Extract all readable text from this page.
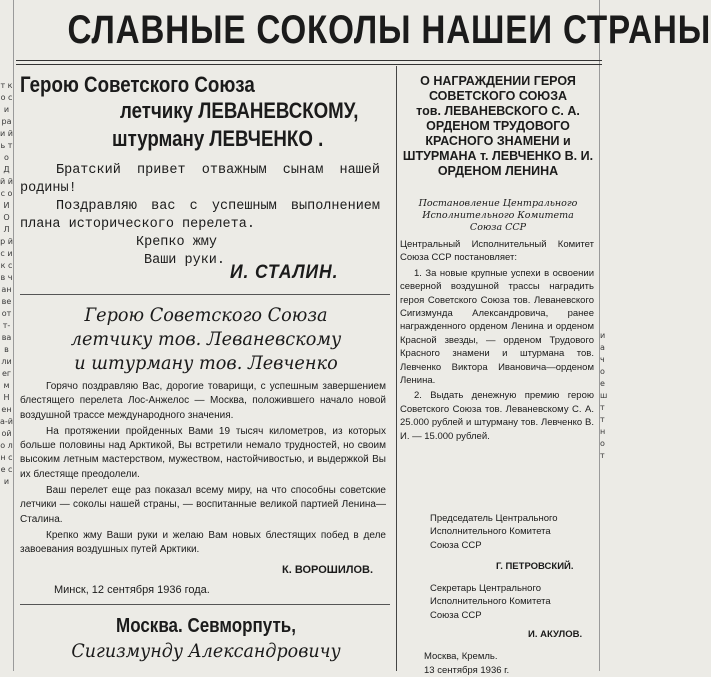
т к о с и ра и й ь т о Д й й с о И О Л р й с и к с в ч ан ве от т-ва в ли ег м Н ен а-й ой о л н с е с и
и а ч о е ш т т н о т
СЛАВНЫЕ СОКОЛЫ НАШЕИ СТРАНЫ
Герою Советского Союза
летчику ЛЕВАНЕВСКОМУ,
штурману ЛЕВЧЕНКО .

Братский привет отважным сынам нашей родины!

Поздравляю вас с успешным выполнением плана исторического перелета.

Крепко жму

Ваши руки.

И. СТАЛИН.
Герою Советского Союза
летчику тов. Леваневскому
и штурману тов. Левченко

Горячо поздравляю Вас, дорогие товарищи, с успешным завершением блестящего перелета Лос-Анжелос — Москва, положившего начало новой воздушной трассе международного значения.

На протяжении пройденных Вами 19 тысяч километров, из которых больше половины над Арктикой, Вы встретили немало трудностей, но своим высоким летным мастерством, мужеством, настойчивостью, и выдержкой Вы их блестяще преодолели.

Ваш перелет еще раз показал всему миру, на что способны советские летчики — соколы нашей страны, — воспитанные великой партией Ленина—Сталина.

Крепко жму Ваши руки и желаю Вам новых блестящих побед в деле завоевания воздушных путей Арктики.

К. ВОРОШИЛОВ.
Минск, 12 сентября 1936 года.
Москва. Севморпуть,
Сигизмунду Александровичу
О НАГРАЖДЕНИИ ГЕРОЯ
СОВЕТСКОГО СОЮЗА
тов. ЛЕВАНЕВСКОГО С. А.
ОРДЕНОМ ТРУДОВОГО
КРАСНОГО ЗНАМЕНИ и
ШТУРМАНА т. ЛЕВЧЕНКО В. И.
ОРДЕНОМ ЛЕНИНА
Постановление Центрального
Исполнительного Комитета
Союза ССР

Центральный Исполнительный Комитет Союза ССР постановляет:

1. За новые крупные успехи в освоении северной воздушной трассы наградить героя Советского Союза тов. Леваневского Сигизмунда Александровича, ранее награжденного орденом Ленина и орденом Красной звезды, — орденом Трудового Красного знамени и штурмана тов. Левченко Виктора Ивановича—орденом Ленина.

2. Выдать денежную премию герою Советского Союза тов. Леваневскому С. А. 25.000 рублей и штурману тов. Левченко В. И. — 15.000 рублей.

Председатель Центрального
Исполнительного Комитета
Союза ССР
Г. ПЕТРОВСКИЙ.
Секретарь Центрального
Исполнительного Комитета
Союза ССР
И. АКУЛОВ.
Москва, Кремль.
13 сентября 1936 г.
